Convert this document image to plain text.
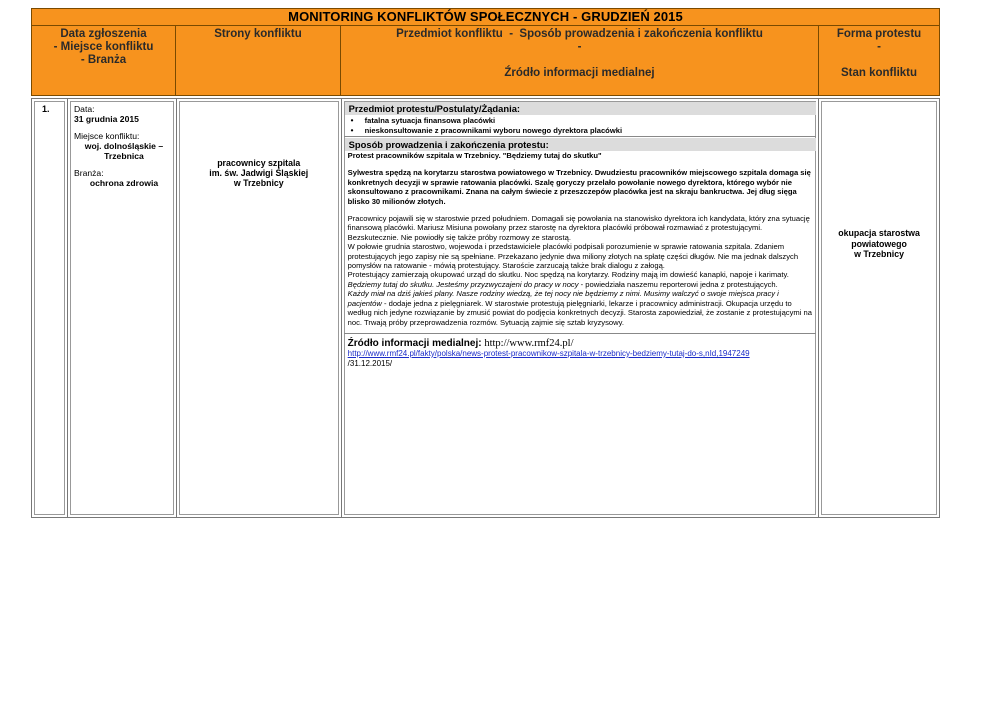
MONITORING KONFLIKTÓW SPOŁECZNYCH - GRUDZIEŃ 2015
Data zgłoszenia
- Miejsce konfliktu
- Branża
Strony konfliktu	Przedmiot konfliktu  -  Sposób prowadzenia i zakończenia konfliktu
-
Źródło informacji medialnej
Forma protestu
-
Stan konfliktu
1.	Data:
31 grudnia 2015
Miejsce konfliktu:
woj. dolnośląskie –
Trzebnica
Branża:
ochrona zdrowia
pracownicy szpitala
im. św. Jadwigi Śląskiej
w Trzebnicy
Przedmiot protestu/Postulaty/Żądania:
• fatalna sytuacja finansowa placówki
• nieskonsultowanie z pracownikami wyboru nowego dyrektora placówki
Sposób prowadzenia i zakończenia protestu:
Protest pracowników szpitala w Trzebnicy. "Będziemy tutaj do skutku"
Sylwestra spędzą na korytarzu starostwa powiatowego w Trzebnicy. Dwudziestu pracowników miejscowego szpitala domaga się konkretnych decyzji w sprawie ratowania placówki. Szalę goryczy przelało powołanie nowego dyrektora, którego wybór nie skonsultowano z pracownikami. Znana na całym świecie z przeszczepów placówka jest na skraju bankructwa. Jej dług sięga blisko 30 milionów złotych.
Pracownicy pojawili się w starostwie przed południem. Domagali się powołania na stanowisko dyrektora ich kandydata, który zna sytuację finansową placówki. Mariusz Misiuna powołany przez starostę na dyrektora placówki próbował rozmawiać z protestującymi. Bezskutecznie. Nie powiodły się także próby rozmowy ze starostą.
W połowie grudnia starostwo, wojewoda i przedstawiciele placówki podpisali porozumienie w sprawie ratowania szpitala. Zdaniem protestujących jego zapisy nie są spełniane. Przekazano jedynie dwa miliony złotych na spłatę części długów. Nie ma jednak dalszych pomysłów na ratowanie - mówią protestujący. Staroście zarzucają także brak dialogu z załogą.
Protestujący zamierzają okupować urząd do skutku. Noc spędzą na korytarzy. Rodziny mają im dowieść kanapki, napoje i karimaty.
Będziemy tutaj do skutku. Jesteśmy przyzwyczajeni do pracy w nocy - powiedziała naszemu reporterowi jedna z protestujących.
Każdy miał na dziś jakieś plany. Nasze rodziny wiedzą, że tej nocy nie będziemy z nimi. Musimy walczyć o swoje miejsca pracy i pacjentów - dodaje jedna z pielęgniarek. W starostwie protestują pielęgniarki, lekarze i pracownicy administracji. Okupacja urzędu to według nich jedyne rozwiązanie by zmusić powiat do podjęcia konkretnych decyzji. Starosta zapowiedział, że zostanie z protestującymi na noc. Trwają próby przeprowadzenia rozmów. Sytuacją zajmie się sztab kryzysowy.
Źródło informacji medialnej: http://www.rmf24.pl/
http://www.rmf24.pl/fakty/polska/news-protest-pracownikow-szpitala-w-trzebnicy-bedziemy-tutaj-do-s,nId,1947249
/31.12.2015/
okupacja starostwa
powiatowego
w Trzebnicy
